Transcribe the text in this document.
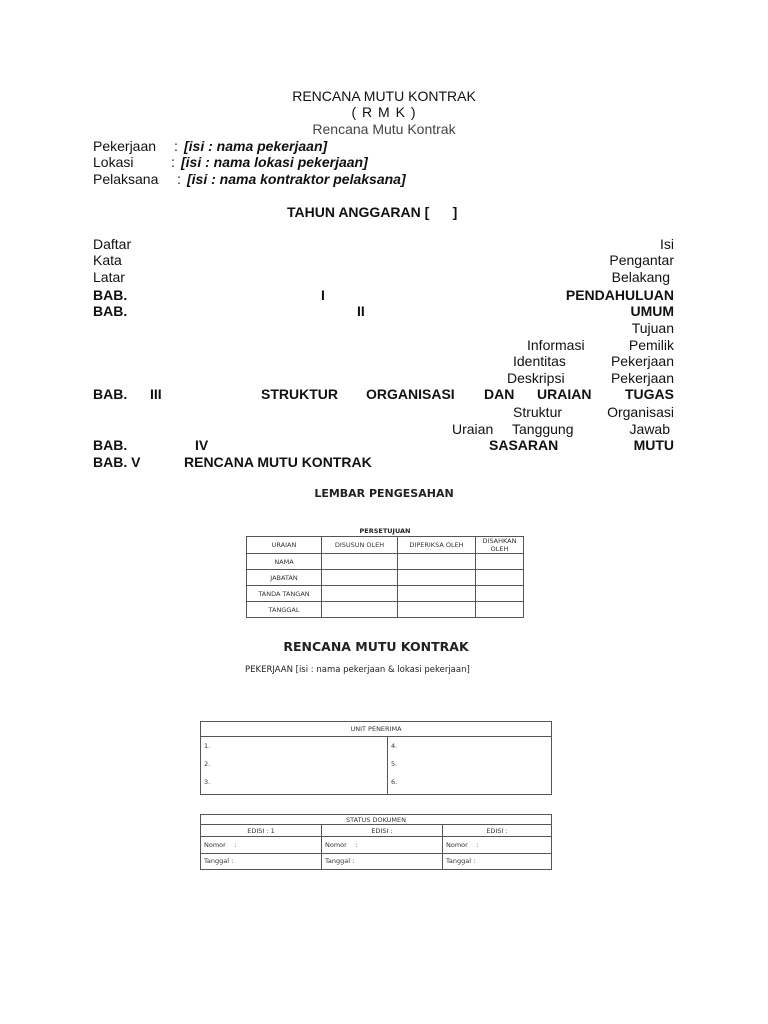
RENCANA MUTU KONTRAK
( R M K )
Rencana Mutu Kontrak
Pekerjaan : [isi : nama pekerjaan]
Lokasi	: [isi : nama lokasi pekerjaan]
Pelaksana : [isi : nama kontraktor pelaksana]
TAHUN ANGGARAN [      ]
Daftar	Isi
Kata	Pengantar
Latar	Belakang
BAB.	I	PENDAHULUAN
BAB.	II	UMUM
Tujuan
Informasi	Pemilik
Identitas	Pekerjaan
Deskripsi	Pekerjaan
BAB. III	STRUKTUR ORGANISASI DAN URAIAN TUGAS
Struktur	Organisasi
Uraian Tanggung	Jawab
BAB.	IV	SASARAN	MUTU
BAB. V	RENCANA MUTU KONTRAK
LEMBAR PENGESAHAN
PERSETUJUAN
URAIAN	DISUSUN OLEH	DIPERIKSA OLEH	DISAHKAN OLEH
NAMA			
JABATAN			
TANDA TANGAN			
TANGGAL			
RENCANA MUTU KONTRAK
PEKERJAAN [isi : nama pekerjaan & lokasi pekerjaan]
UNIT PENERIMA

1.
2.
3.

4.
5.
6.
STATUS DOKUMEN		
EDISI : 1	EDISI :	EDISI :
Nomor    :	Nomor    :	Nomor    :
Tanggal :	Tanggal :	Tanggal :
